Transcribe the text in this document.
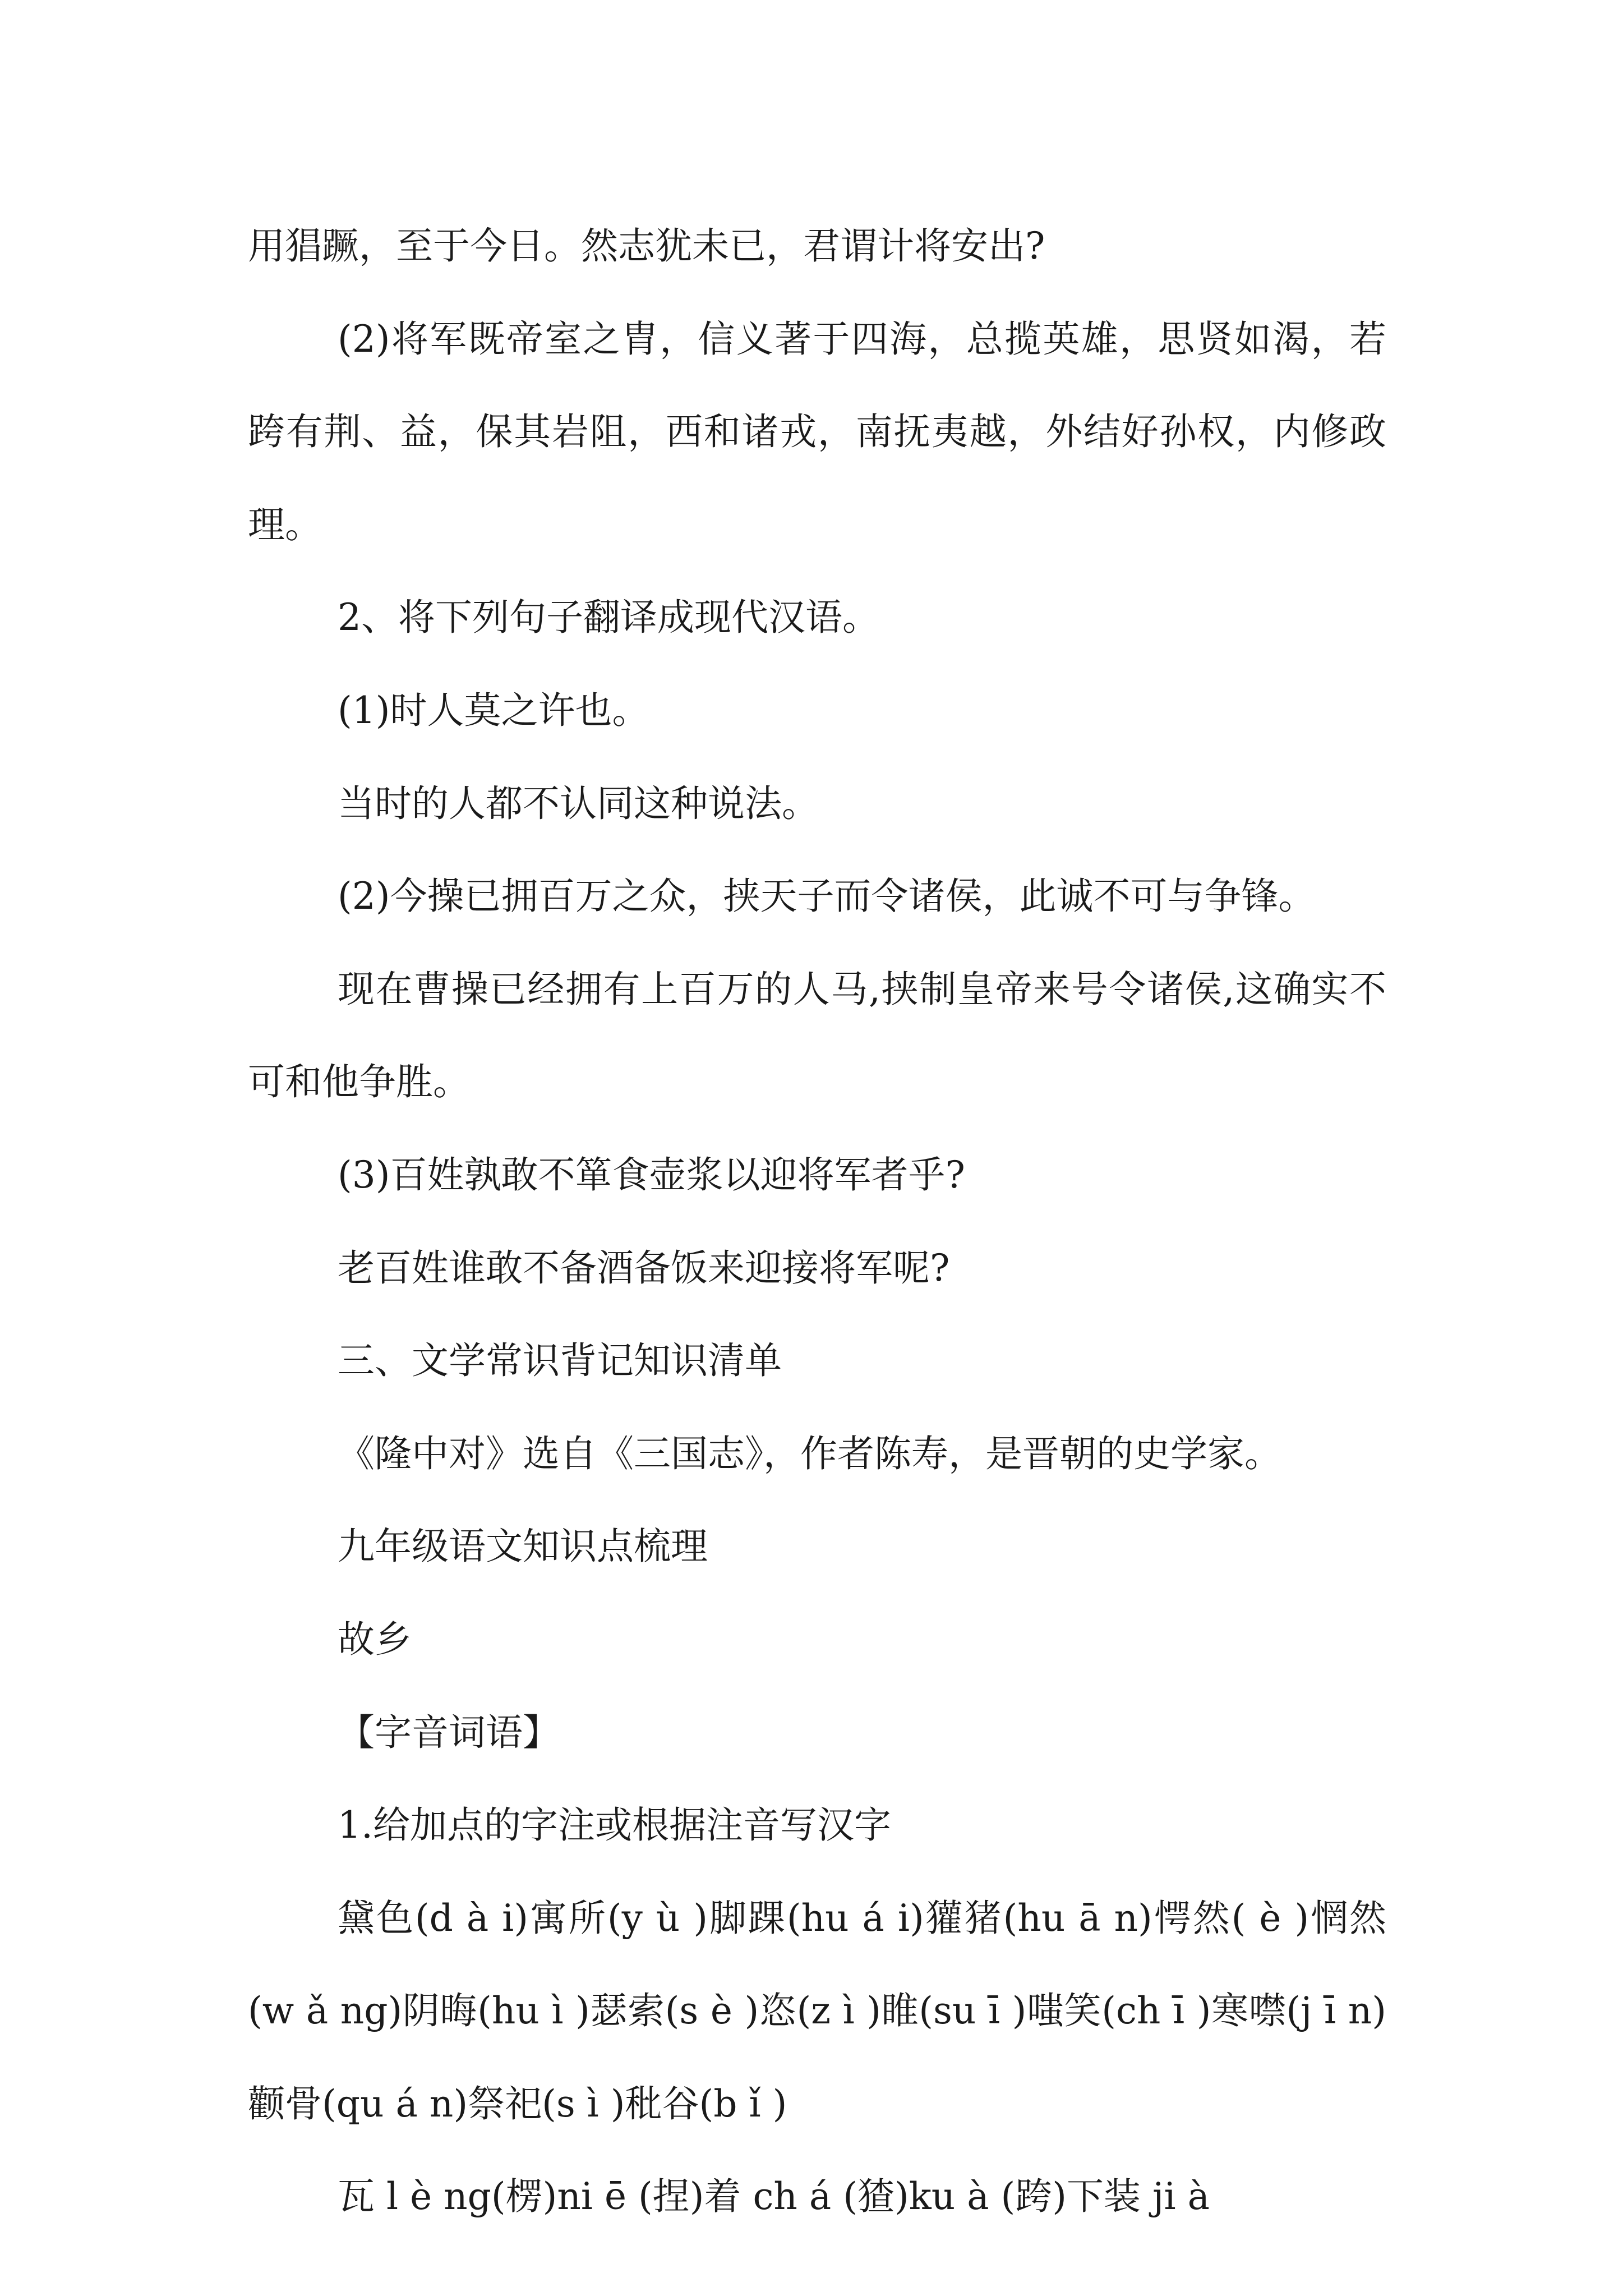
用猖蹶，至于今日。然志犹未已，君谓计将安出?

(2)将军既帝室之胄，信义著于四海，总揽英雄，思贤如渴，若跨有荆、益，保其岩阻，西和诸戎，南抚夷越，外结好孙权，内修政理。

2、将下列句子翻译成现代汉语。

(1)时人莫之许也。

当时的人都不认同这种说法。

(2)今操已拥百万之众，挟天子而令诸侯，此诚不可与争锋。

现在曹操已经拥有上百万的人马,挟制皇帝来号令诸侯,这确实不可和他争胜。

(3)百姓孰敢不箪食壶浆以迎将军者乎?

老百姓谁敢不备酒备饭来迎接将军呢?

三、文学常识背记知识清单

《隆中对》选自《三国志》，作者陈寿，是晋朝的史学家。

九年级语文知识点梳理

故乡

【字音词语】

1.给加点的字注或根据注音写汉字

黛色(d à i)寓所(y ù )脚踝(hu á i)獾猪(hu ā n)愕然( è )惘然(w ǎ ng)阴晦(hu ì )瑟索(s è )恣(z ì )睢(su ī )嗤笑(ch ī )寒噤(j ī n)颧骨(qu á n)祭祀(s ì )秕谷(b ǐ )

瓦 l è ng(楞)ni ē (捏)着 ch á (猹)ku à (跨)下装 ji à
